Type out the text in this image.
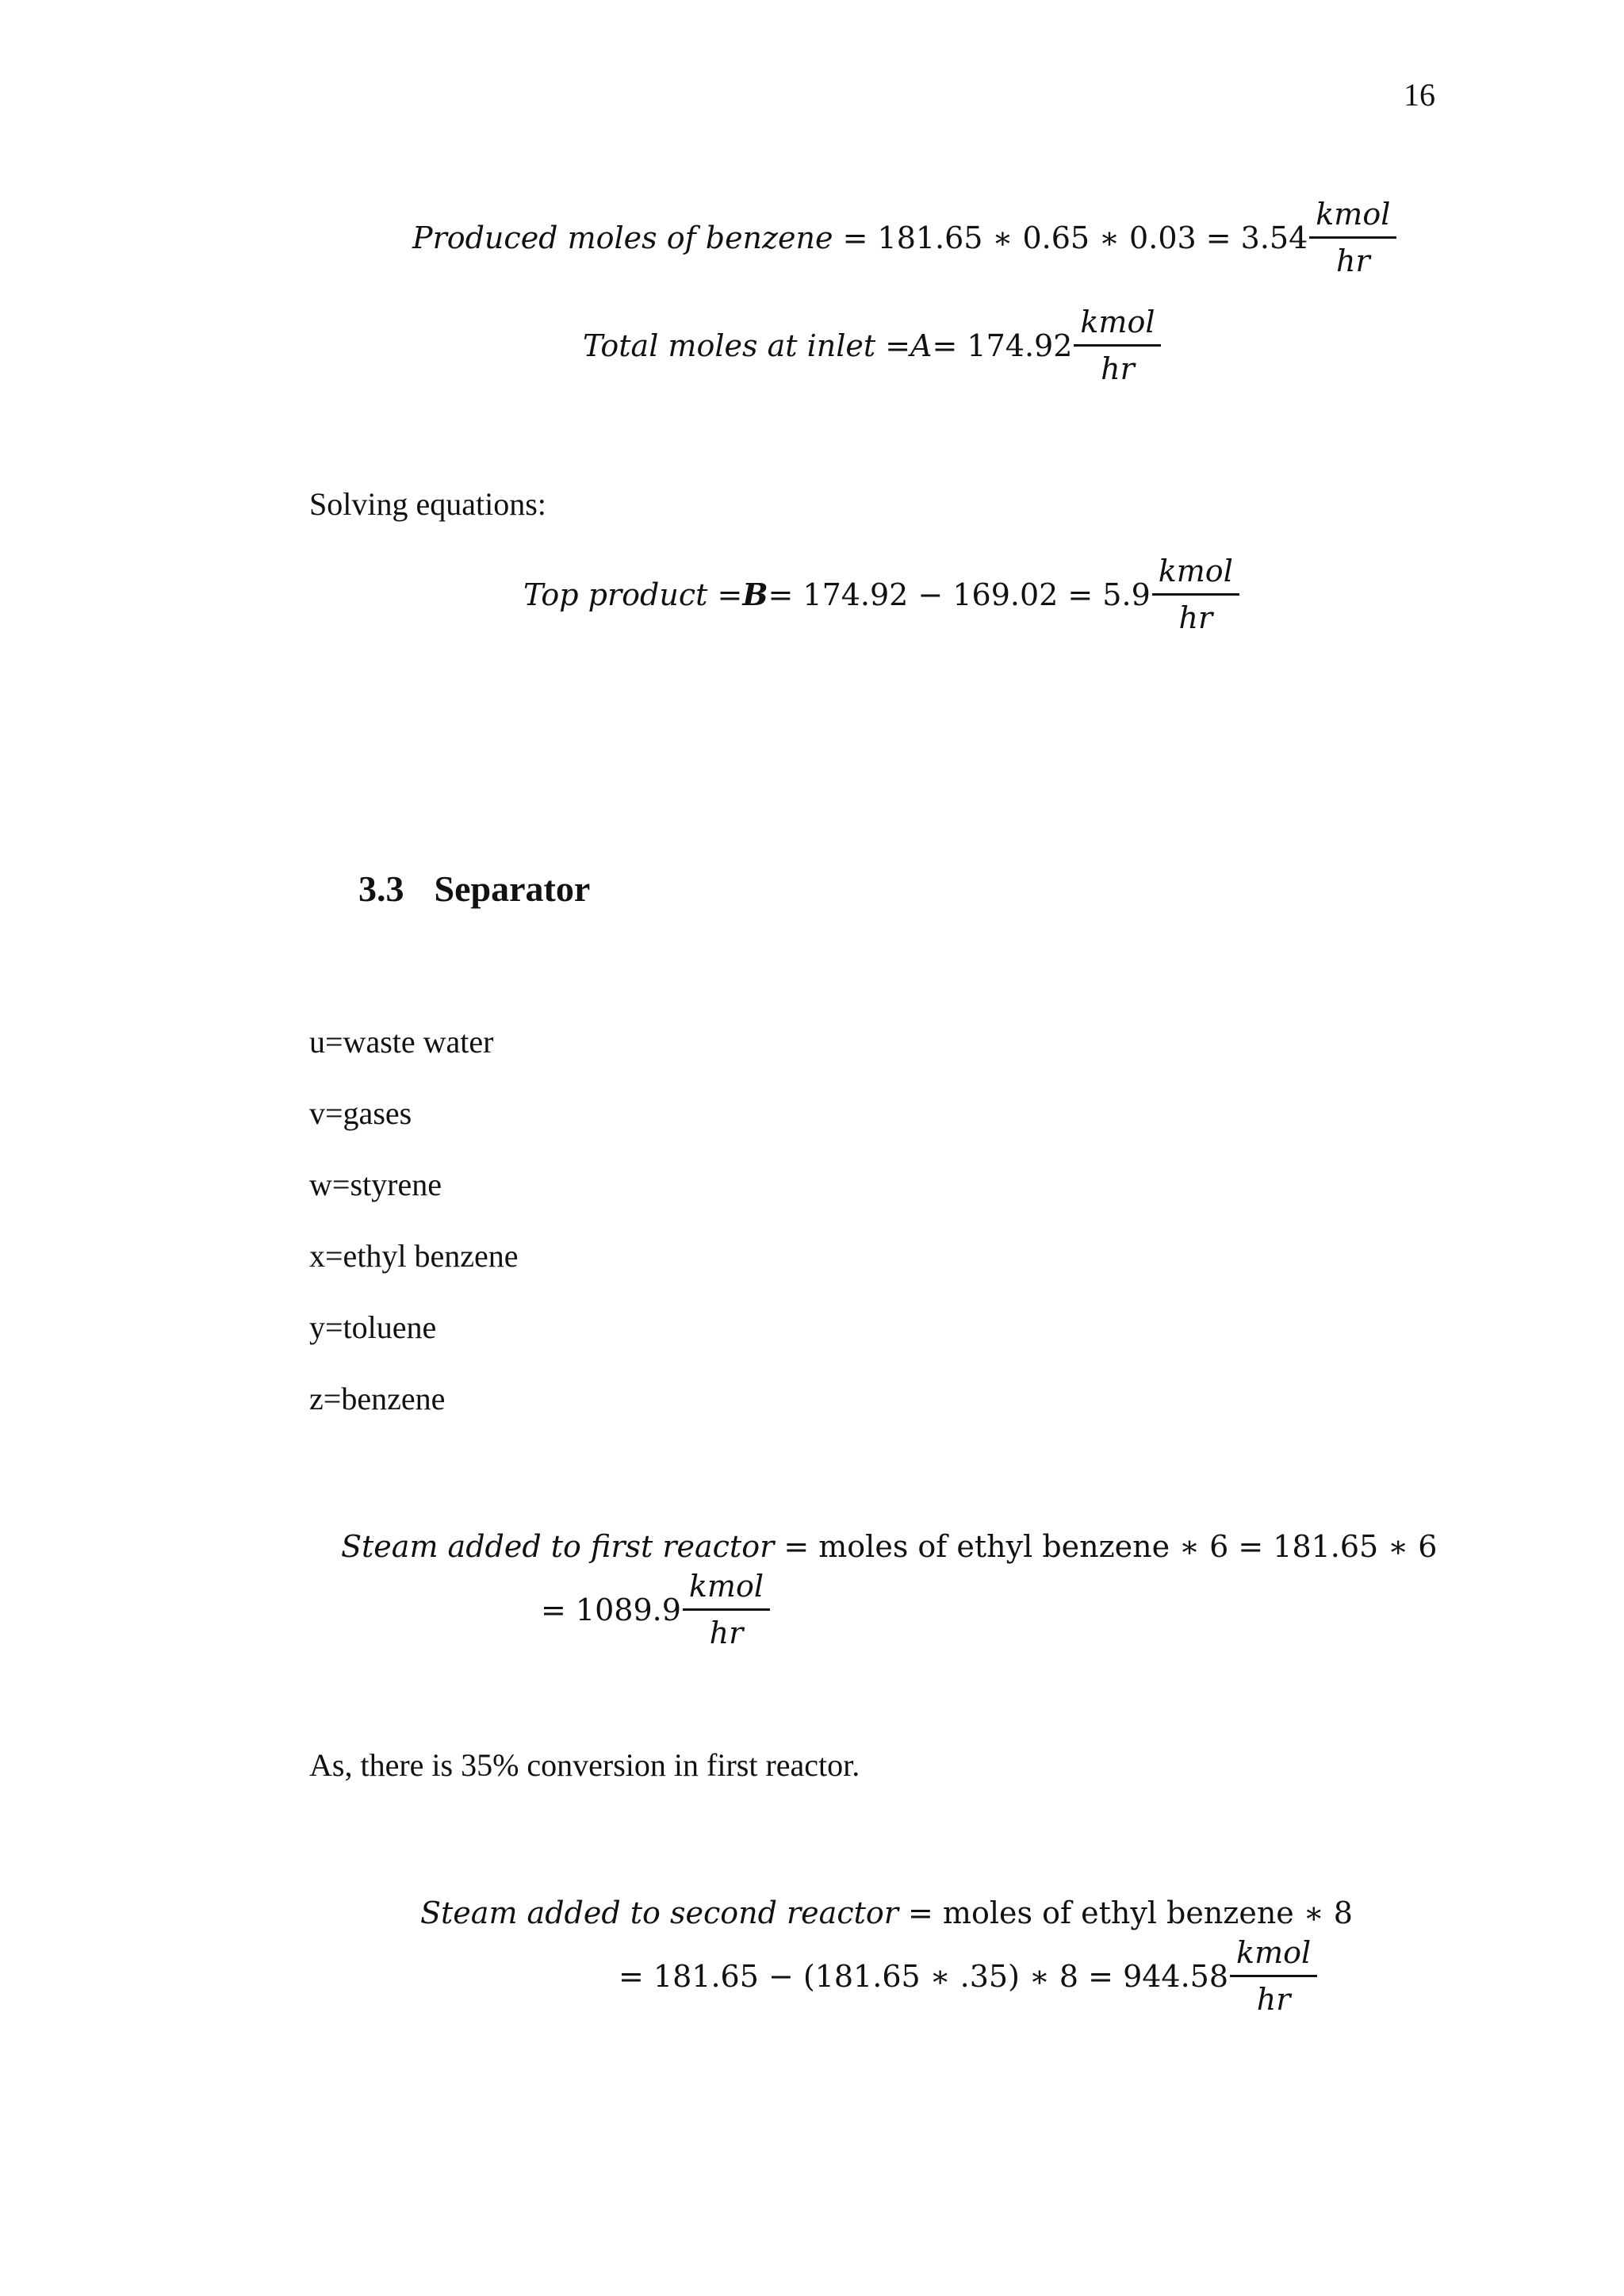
16
Produced moles of benzene
= 181.65 ∗ 0.65 ∗ $0.03 = 3.54 \frac{\text{kmol}}{hr}$
Total moles at inlet
= $A = 174.92 \frac{\text{kmol}}{hr}$
Solving equations:
Top product
= $B = 174.92 - 169.02 = 5.9 \frac{\text{kmol}}{hr}$
3.3 Separator
u=waste water
v=gases
w=styrene
x=ethyl benzene
y=toluene
z=benzene
Steam added to first reactor
= moles of ethyl benzene ∗ 6 = 181.65 ∗ 6
= $1089.9 \frac{\text{kmol}}{hr}$
As, there is 35% conversion in first reactor.
Steam added to second reactor
= moles of ethyl benzene ∗ 8
= 181.65 − (181.65 ∗ .35) ∗ $8 = 944.58 \frac{\text{kmol}}{hr}$
